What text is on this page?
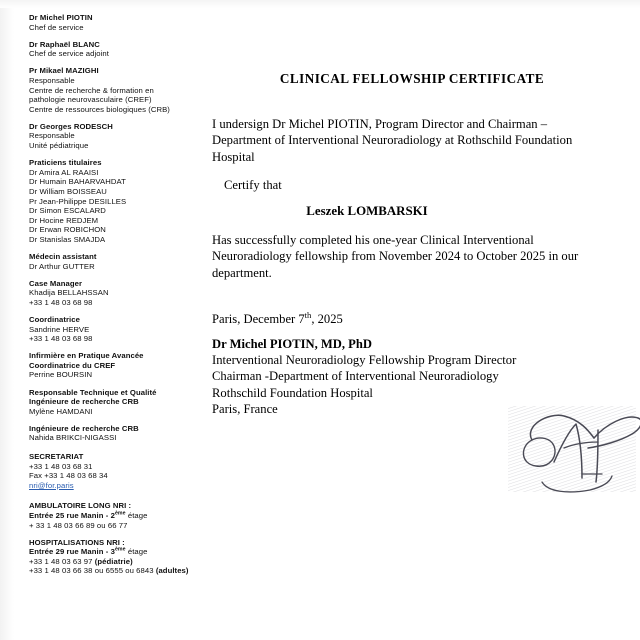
Dr Michel PIOTIN
Chef de service
Dr Raphaël BLANC
Chef de service adjoint
Pr Mikael MAZIGHI
Responsable
Centre de recherche & formation en
pathologie neurovasculaire (CREF)
Centre de ressources biologiques (CRB)
Dr Georges RODESCH
Responsable
Unité pédiatrique
Praticiens titulaires
Dr Amira AL RAAISI
Dr Humain BAHARVAHDAT
Dr William BOISSEAU
Pr Jean-Philippe DESILLES
Dr Simon ESCALARD
Dr Hocine REDJEM
Dr Erwan ROBICHON
Dr Stanislas SMAJDA
Médecin assistant
Dr Arthur GUTTER
Case Manager
Khadija BELLAHSSAN
+33 1 48 03 68 98
Coordinatrice
Sandrine HERVE
+33 1 48 03 68 98
Infirmière en Pratique Avancée
Coordinatrice du CREF
Perrine BOURSIN
Responsable Technique et Qualité
Ingénieure de recherche CRB
Mylène HAMDANI
Ingénieure de recherche CRB
Nahida BRIKCI-NIGASSI
SECRETARIAT
+33 1 48 03 68 31
Fax +33 1 48 03 68 34
nri@for.paris
AMBULATOIRE LONG NRI :
Entrée 25 rue Manin - 2ème étage
+ 33 1 48 03 66 89 ou 66 77
HOSPITALISATIONS NRI :
Entrée 29 rue Manin - 3ème étage
+33 1 48 03 63 97 (pédiatrie)
+33 1 48 03 66 38 ou 6555 ou 6843 (adultes)
CLINICAL FELLOWSHIP CERTIFICATE
I undersign Dr Michel PIOTIN, Program Director and Chairman – Department of Interventional Neuroradiology at Rothschild Foundation Hospital
Certify that
Leszek LOMBARSKI
Has successfully completed his one-year Clinical Interventional Neuroradiology fellowship from November 2024 to October 2025 in our department.
Paris, December 7th, 2025
Dr Michel PIOTIN, MD, PhD
Interventional Neuroradiology Fellowship Program Director
Chairman -Department of Interventional Neuroradiology
Rothschild Foundation Hospital
Paris, France
